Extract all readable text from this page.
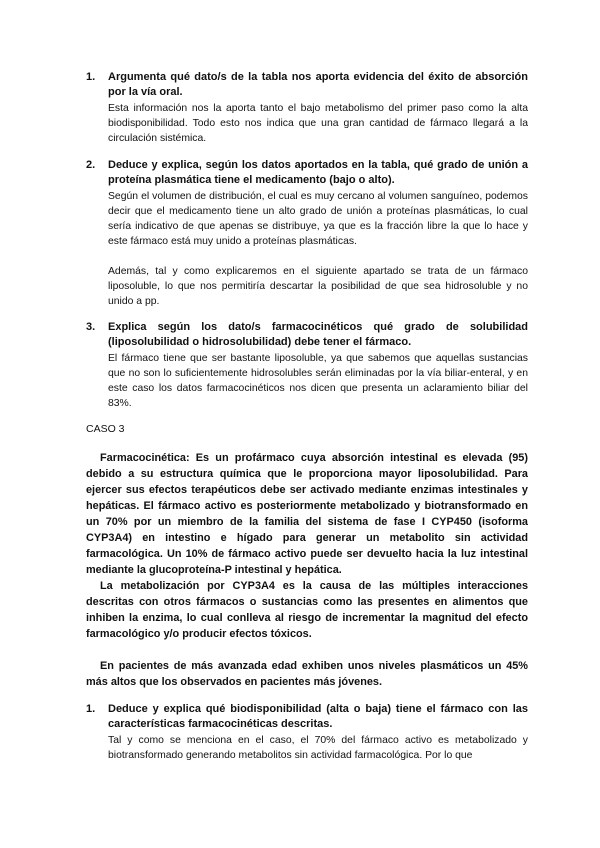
1. Argumenta qué dato/s de la tabla nos aporta evidencia del éxito de absorción por la vía oral.

Esta información nos la aporta tanto el bajo metabolismo del primer paso como la alta biodisponibilidad. Todo esto nos indica que una gran cantidad de fármaco llegará a la circulación sistémica.

2. Deduce y explica, según los datos aportados en la tabla, qué grado de unión a proteína plasmática tiene el medicamento (bajo o alto).

Según el volumen de distribución, el cual es muy cercano al volumen sanguíneo, podemos decir que el medicamento tiene un alto grado de unión a proteínas plasmáticas, lo cual sería indicativo de que apenas se distribuye, ya que es la fracción libre la que lo hace y este fármaco está muy unido a proteínas plasmáticas.

Además, tal y como explicaremos en el siguiente apartado se trata de un fármaco liposoluble, lo que nos permitiría descartar la posibilidad de que sea hidrosoluble y no unido a pp.

3. Explica según los dato/s farmacocinéticos qué grado de solubilidad (liposolubilidad o hidrosolubilidad) debe tener el fármaco.

El fármaco tiene que ser bastante liposoluble, ya que sabemos que aquellas sustancias que no son lo suficientemente hidrosolubles serán eliminadas por la vía biliar-enteral, y en este caso los datos farmacocinéticos nos dicen que presenta un aclaramiento biliar del 83%.

CASO 3

Farmacocinética: Es un profármaco cuya absorción intestinal es elevada (95) debido a su estructura química que le proporciona mayor liposolubilidad. Para ejercer sus efectos terapéuticos debe ser activado mediante enzimas intestinales y hepáticas. El fármaco activo es posteriormente metabolizado y biotransformado en un 70% por un miembro de la familia del sistema de fase I CYP450 (isoforma CYP3A4) en intestino e hígado para generar un metabolito sin actividad farmacológica. Un 10% de fármaco activo puede ser devuelto hacia la luz intestinal mediante la glucoproteína-P intestinal y hepática.

La metabolización por CYP3A4 es la causa de las múltiples interacciones descritas con otros fármacos o sustancias como las presentes en alimentos que inhiben la enzima, lo cual conlleva al riesgo de incrementar la magnitud del efecto farmacológico y/o producir efectos tóxicos.

En pacientes de más avanzada edad exhiben unos niveles plasmáticos un 45% más altos que los observados en pacientes más jóvenes.

1. Deduce y explica qué biodisponibilidad (alta o baja) tiene el fármaco con las características farmacocinéticas descritas.

Tal y como se menciona en el caso, el 70% del fármaco activo es metabolizado y biotransformado generando metabolitos sin actividad farmacológica. Por lo que
